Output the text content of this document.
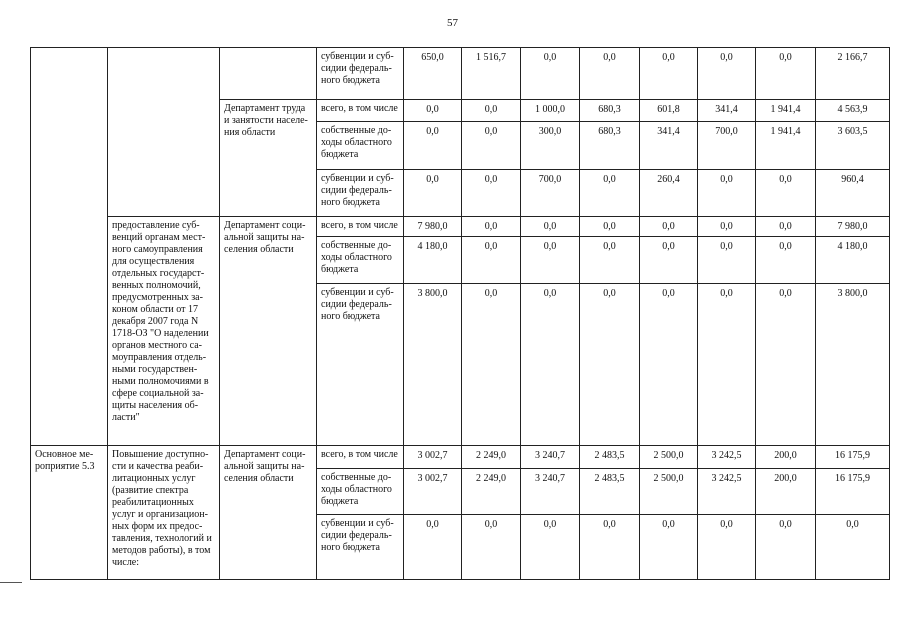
57
			субвенции и суб-сидии федераль-ного бюджета	650,0	1 516,7	0,0	0,0	0,0	0,0	0,0	2 166,7
		Департамент труда и занятости населе-ния области	всего, в том числе	0,0	0,0	1 000,0	680,3	601,8	341,4	1 941,4	4 563,9
			собственные до-ходы областного бюджета	0,0	0,0	300,0	680,3	341,4	700,0	1 941,4	3 603,5
			субвенции и суб-сидии федераль-ного бюджета	0,0	0,0	700,0	0,0	260,4	0,0	0,0	960,4
	предоставление суб-венций органам мест-ного самоуправления для осуществления отдельных государст-венных полномочий, предусмотренных за-коном области от 17 декабря 2007 года N 1718-ОЗ "О наделении органов местного са-моуправления отдель-ными государствен-ными полномочиями в сфере социальной за-щиты населения об-ласти"	Департамент соци-альной защиты на-селения области	всего, в том числе	7 980,0	0,0	0,0	0,0	0,0	0,0	0,0	7 980,0
			собственные до-ходы областного бюджета	4 180,0	0,0	0,0	0,0	0,0	0,0	0,0	4 180,0
			субвенции и суб-сидии федераль-ного бюджета	3 800,0	0,0	0,0	0,0	0,0	0,0	0,0	3 800,0
Основное ме-роприятие 5.3	Повышение доступно-сти и качества реаби-литационных услуг (развитие спектра реабилитационных услуг и организацион-ных форм их предос-тавления, технологий и методов работы), в том числе:	Департамент соци-альной защиты на-селения области	всего, в том числе	3 002,7	2 249,0	3 240,7	2 483,5	2 500,0	3 242,5	200,0	16 175,9
			собственные до-ходы областного бюджета	3 002,7	2 249,0	3 240,7	2 483,5	2 500,0	3 242,5	200,0	16 175,9
			субвенции и суб-сидии федераль-ного бюджета	0,0	0,0	0,0	0,0	0,0	0,0	0,0	0,0
